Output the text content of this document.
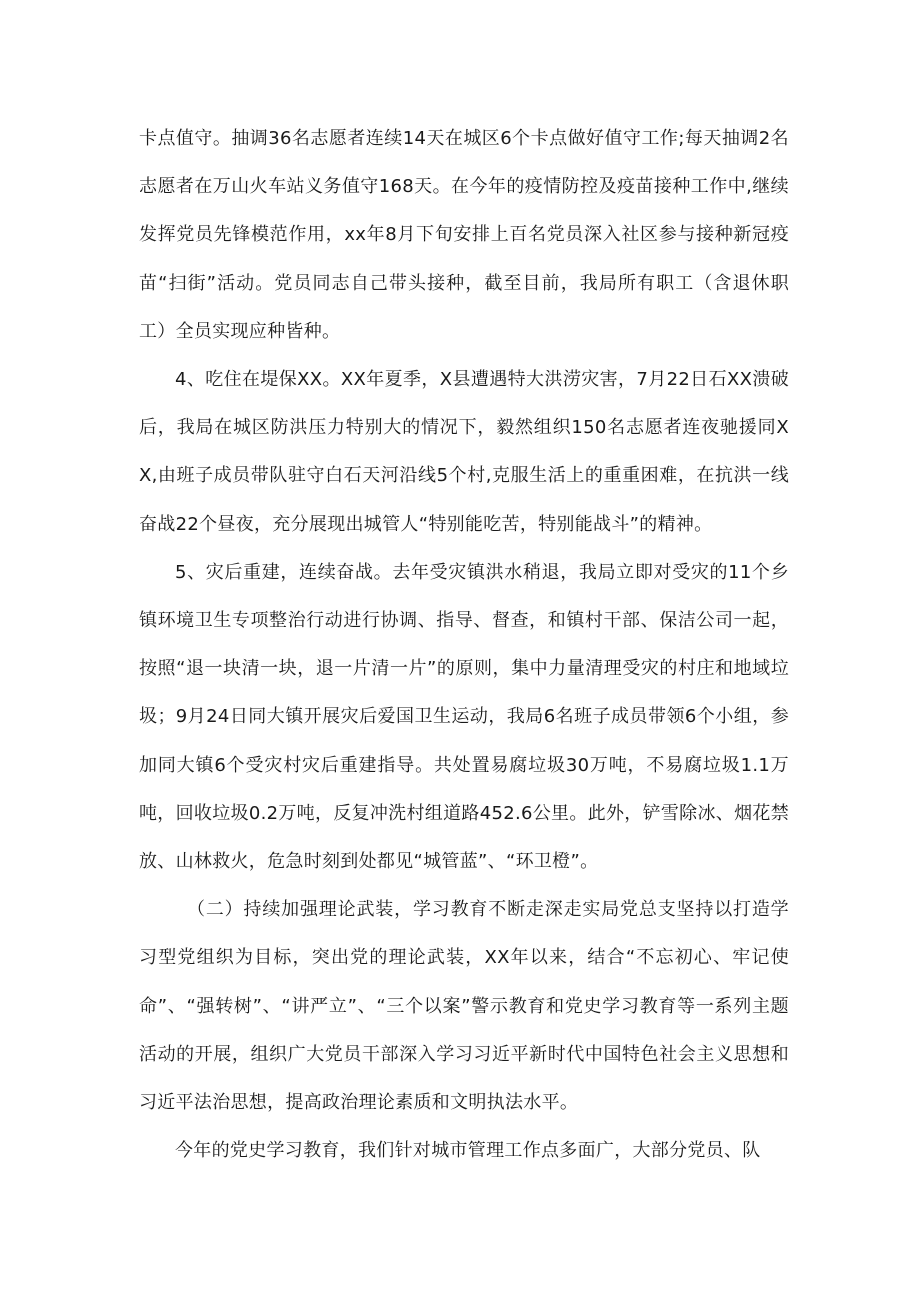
卡点值守。抽调36名志愿者连续14天在城区6个卡点做好值守工作;每天抽调2名志愿者在万山火车站义务值守168天。在今年的疫情防控及疫苗接种工作中,继续发挥党员先锋模范作用，xx年8月下旬安排上百名党员深入社区参与接种新冠疫苗“扫街”活动。党员同志自己带头接种，截至目前，我局所有职工（含退休职工）全员实现应种皆种。

4、吃住在堤保XX。XX年夏季，X县遭遇特大洪涝灾害，7月22日石XX溃破后，我局在城区防洪压力特别大的情况下，毅然组织150名志愿者连夜驰援同XX,由班子成员带队驻守白石天河沿线5个村,克服生活上的重重困难，在抗洪一线奋战22个昼夜，充分展现出城管人“特别能吃苦，特别能战斗”的精神。

5、灾后重建，连续奋战。去年受灾镇洪水稍退，我局立即对受灾的11个乡镇环境卫生专项整治行动进行协调、指导、督查，和镇村干部、保洁公司一起，按照“退一块清一块，退一片清一片”的原则，集中力量清理受灾的村庄和地域垃圾；9月24日同大镇开展灾后爱国卫生运动，我局6名班子成员带领6个小组，参加同大镇6个受灾村灾后重建指导。共处置易腐垃圾30万吨，不易腐垃圾1.1万吨，回收垃圾0.2万吨，反复冲洗村组道路452.6公里。此外，铲雪除冰、烟花禁放、山林救火，危急时刻到处都见“城管蓝”、“环卫橙”。

（二）持续加强理论武装，学习教育不断走深走实局党总支坚持以打造学习型党组织为目标，突出党的理论武装，XX年以来，结合“不忘初心、牢记使命”、“强转树”、“讲严立”、“三个以案”警示教育和党史学习教育等一系列主题活动的开展，组织广大党员干部深入学习习近平新时代中国特色社会主义思想和习近平法治思想，提高政治理论素质和文明执法水平。

今年的党史学习教育，我们针对城市管理工作点多面广，大部分党员、队
